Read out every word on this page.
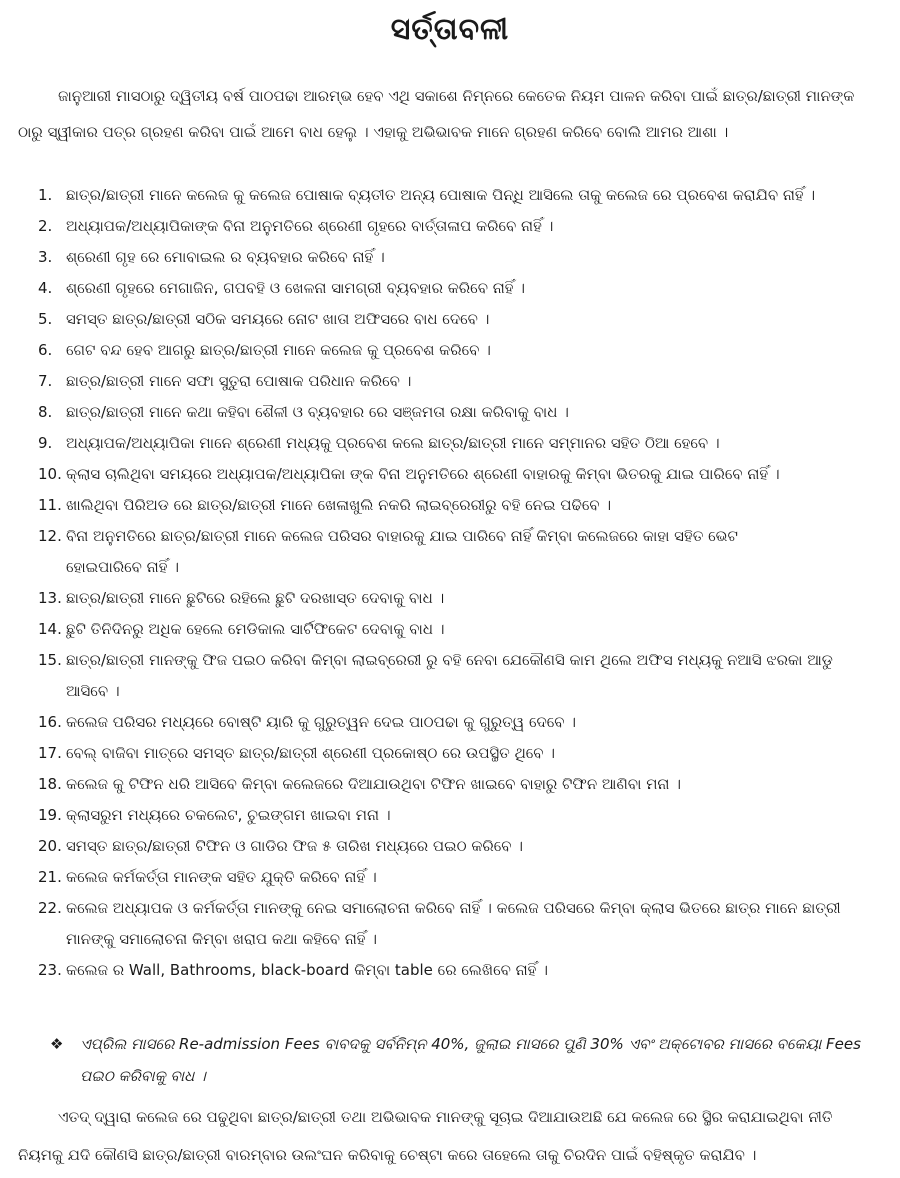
ସର୍ତ୍ତାବଳୀ
ଜାନୁଆରୀ ମାସଠାରୁ ଦ୍ୱିତୀୟ ବର୍ଷ ପାଠପଢା ଆରମ୍ଭ ହେବ ଏଥି ସକାଶେ ନିମ୍ନରେ କେତେକ ନିୟମ ପାଳନ କରିବା ପାଇଁ ଛାତ୍ର/ଛାତ୍ରୀ ମାନଙ୍କ ଠାରୁ ସ୍ୱୀକାର ପତ୍ର ଗ୍ରହଣ କରିବା ପାଇଁ ଆମେ ବାଧ ହେଲୁ । ଏହାକୁ ଅଭିଭାବକ ମାନେ ଗ୍ରହଣ କରିବେ ବୋଲି ଆମର ଆଶା ।
1. ଛାତ୍ର/ଛାତ୍ରୀ ମାନେ କଲେଜ କୁ କଲେଜ ପୋଷାକ ବ୍ୟତୀତ ଅନ୍ୟ ପୋଷାକ ପିନ୍ଧି ଆସିଲେ ତାକୁ କଲେଜ ରେ ପ୍ରବେଶ କରାଯିବ ନାହିଁ ।
2. ଅଧ୍ୟାପକ/ଅଧ୍ୟାପିକାଙ୍କ ବିନା ଅନୁମତିରେ ଶ୍ରେଣୀ ଗୃହରେ ବାର୍ତ୍ତାଳାପ କରିବେ ନାହିଁ ।
3. ଶ୍ରେଣୀ ଗୃହ ରେ ମୋବାଇଲ ର ବ୍ୟବହାର କରିବେ ନାହିଁ ।
4. ଶ୍ରେଣୀ ଗୃହରେ ମେଗାଜିନ, ଗପବହି ଓ ଖେଳନା ସାମଗ୍ରୀ ବ୍ୟବହାର କରିବେ ନାହିଁ ।
5. ସମସ୍ତ ଛାତ୍ର/ଛାତ୍ରୀ ସଠିକ ସମୟରେ ନୋଟ ଖାତା ଅଫିସରେ ବାଧ ଦେବେ ।
6. ଗେଟ ବନ୍ଦ ହେବ ଆଗରୁ ଛାତ୍ର/ଛାତ୍ରୀ ମାନେ କଲେଜ କୁ ପ୍ରବେଶ କରିବେ ।
7. ଛାତ୍ର/ଛାତ୍ରୀ ମାନେ ସଫା ସୁତୁରା ପୋଷାକ ପରିଧାନ କରିବେ ।
8. ଛାତ୍ର/ଛାତ୍ରୀ ମାନେ କଥା କହିବା ଶୈଳୀ ଓ ବ୍ୟବହାର ରେ ସଞ୍ଜମତା ରକ୍ଷା କରିବାକୁ ବାଧ ।
9. ଅଧ୍ୟାପକ/ଅଧ୍ୟାପିକା ମାନେ ଶ୍ରେଣୀ ମଧ୍ୟକୁ ପ୍ରବେଶ କଲେ ଛାତ୍ର/ଛାତ୍ରୀ ମାନେ ସମ୍ମାନର ସହିତ ଠିଆ ହେବେ ।
10. କ୍ଲାସ ଚାଲିଥିବା ସମୟରେ ଅଧ୍ୟାପକ/ଅଧ୍ୟାପିକା ଙ୍କ ବିନା ଅନୁମତିରେ ଶ୍ରେଣୀ ବାହାରକୁ କିମ୍ବା ଭିତରକୁ ଯାଇ ପାରିବେ ନାହିଁ ।
11. ଖାଲିଥିବା ପିରିଅଡ ରେ ଛାତ୍ର/ଛାତ୍ରୀ ମାନେ ଖେଳାଖୁଲି ନକରି ଲାଇବ୍ରେରୀରୁ ବହି ନେଇ ପଢିବେ ।
12. ବିନା ଅନୁମତିରେ ଛାତ୍ର/ଛାତ୍ରୀ ମାନେ କଲେଜ ପରିସର ବାହାରକୁ ଯାଇ ପାରିବେ ନାହିଁ କିମ୍ବା କଲେଜରେ କାହା ସହିତ ଭେଟ
ହୋଇପାରିବେ ନାହିଁ ।
13. ଛାତ୍ର/ଛାତ୍ରୀ ମାନେ ଛୁଟିରେ ରହିଲେ ଛୁଟି ଦରଖାସ୍ତ ଦେବାକୁ ବାଧ ।
14. ଛୁଟି ତିନିଦିନରୁ ଅଧିକ ହେଲେ ମେଡିକାଲ ସାର୍ଟିଫିକେଟ ଦେବାକୁ ବାଧ ।
15. ଛାତ୍ର/ଛାତ୍ରୀ ମାନଙ୍କୁ ଫିଜ ପଇଠ କରିବା କିମ୍ବା ଲାଇବ୍ରେରୀ ରୁ ବହି ନେବା ଯେକୌଣସି କାମ ଥିଲେ ଅଫିସ ମଧ୍ୟକୁ ନଆସି ଝରକା ଆଡୁ
ଆସିବେ ।
16. କଲେଜ ପରିସର ମଧ୍ୟରେ ବୋଷ୍ଟି ୟାରି କୁ ଗୁରୁତ୍ୱନ ଦେଇ ପାଠପଢା କୁ ଗୁରୁତ୍ୱ ଦେବେ ।
17. ବେଲ୍ ବାଜିବା ମାତ୍ରେ ସମସ୍ତ ଛାତ୍ର/ଛାତ୍ରୀ ଶ୍ରେଣୀ ପ୍ରକୋଷ୍ଠ ରେ ଉପସ୍ଥିତ ଥିବେ ।
18. କଲେଜ କୁ ଟିଫିନ ଧରି ଆସିବେ କିମ୍ବା କଲେଜରେ ଦିଆଯାଉଥିବା ଟିଫିନ ଖାଇବେ ବାହାରୁ ଟିଫିନ ଆଣିବା ମନା ।
19. କ୍ଲାସରୁମ ମଧ୍ୟରେ ଚକଲେଟ, ଚୁଇଙ୍ଗମ ଖାଇବା ମନା ।
20. ସମସ୍ତ ଛାତ୍ର/ଛାତ୍ରୀ ଟିଫିନ ଓ ଗାଡିର ଫିଜ ୫ ତାରିଖ ମଧ୍ୟରେ ପଇଠ କରିବେ ।
21. କଲେଜ କର୍ମକର୍ତ୍ତା ମାନଙ୍କ ସହିତ ଯୁକ୍ତି କରିବେ ନାହିଁ ।
22. କଲେଜ ଅଧ୍ୟାପକ ଓ କର୍ମକର୍ତ୍ତା ମାନଙ୍କୁ ନେଇ ସମାଲୋଚନା କରିବେ ନାହିଁ । କଲେଜ ପରିସରେ କିମ୍ବା କ୍ଲାସ ଭିତରେ ଛାତ୍ର ମାନେ ଛାତ୍ରୀ
ମାନଙ୍କୁ ସମାଲୋଚନା କିମ୍ବା ଖରାପ କଥା କହିବେ ନାହିଁ ।
23. କଲେଜ ର Wall, Bathrooms, black-board କିମ୍ବା table ରେ ଲେଖିବେ ନାହିଁ ।
❖	ଏପ୍ରିଲ ମାସରେ Re-admission Fees ବାବଦକୁ ସର୍ବନିମ୍ନ 40%, ଜୁଲାଇ ମାସରେ ପୁଣି 30% ଏବଂ ଅକ୍ଟୋବର ମାସରେ ବକେୟା Fees ପଇଠ କରିବାକୁ ବାଧ ।
ଏତଦ୍ ଦ୍ୱାରା କଲେଜ ରେ ପଢୁଥିବା ଛାତ୍ର/ଛାତ୍ରୀ ତଥା ଅଭିଭାବକ ମାନଙ୍କୁ ସୂଚାଇ ଦିଆଯାଉଅଛି ଯେ କଲେଜ ରେ ସ୍ଥିର କରାଯାଇଥିବା ନୀତି ନିୟମକୁ ଯଦି କୌଣସି ଛାତ୍ର/ଛାତ୍ରୀ ବାରମ୍ବାର ଉଲଂଘନ କରିବାକୁ ଚେଷ୍ଟା କରେ ତାହେଲେ ତାକୁ ଚିରଦିନ ପାଇଁ ବହିଷ୍କୃତ କରାଯିବ ।
